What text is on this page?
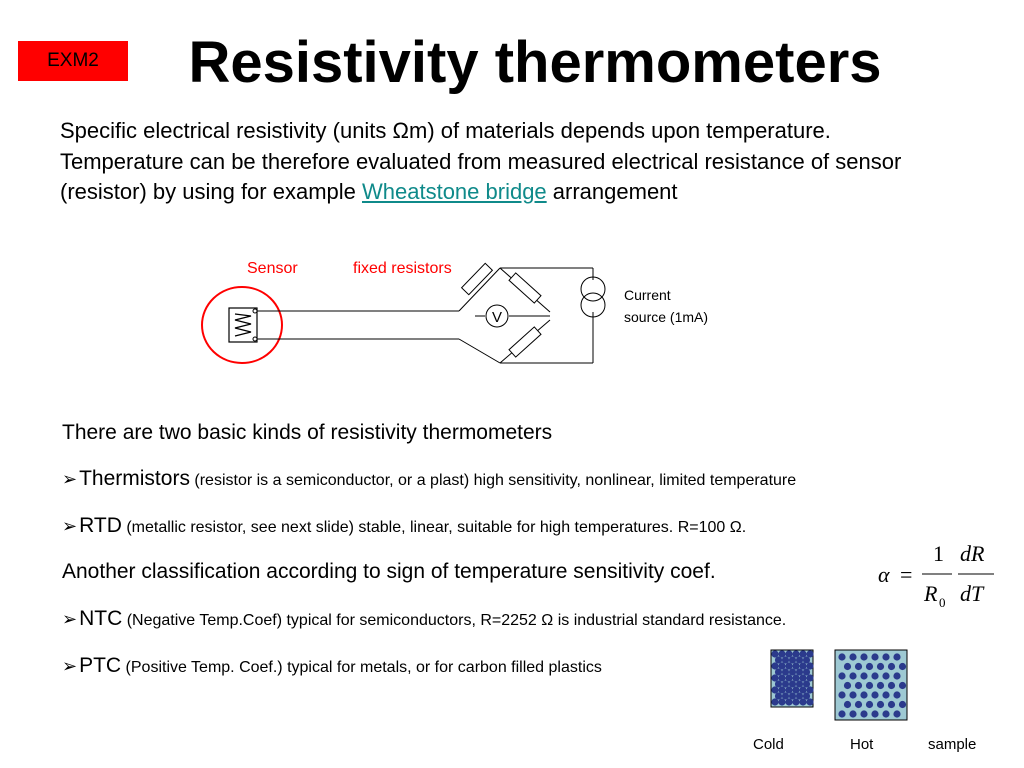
EXM2	Resistivity thermometers
Specific electrical resistivity (units Ωm) of materials depends upon temperature. Temperature can be therefore evaluated from measured electrical resistance of sensor (resistor) by using for example Wheatstone bridge arrangement
Sensor	fixed resistors
V
Current
source (1mA)
There are two basic kinds of resistivity thermometers
➢Thermistors (resistor is a semiconductor, or a plast) high sensitivity, nonlinear, limited temperature
➢RTD (metallic resistor, see next slide) stable, linear, suitable for high temperatures. R=100 Ω.
Another classification according to sign of temperature sensitivity coef.	α =
1
R 0
dR
dT
➢NTC (Negative Temp.Coef) typical for semiconductors, R=2252 Ω is industrial standard resistance.
➢PTC (Positive Temp. Coef.) typical for metals, or for carbon filled plastics
Cold	Hot	sample
